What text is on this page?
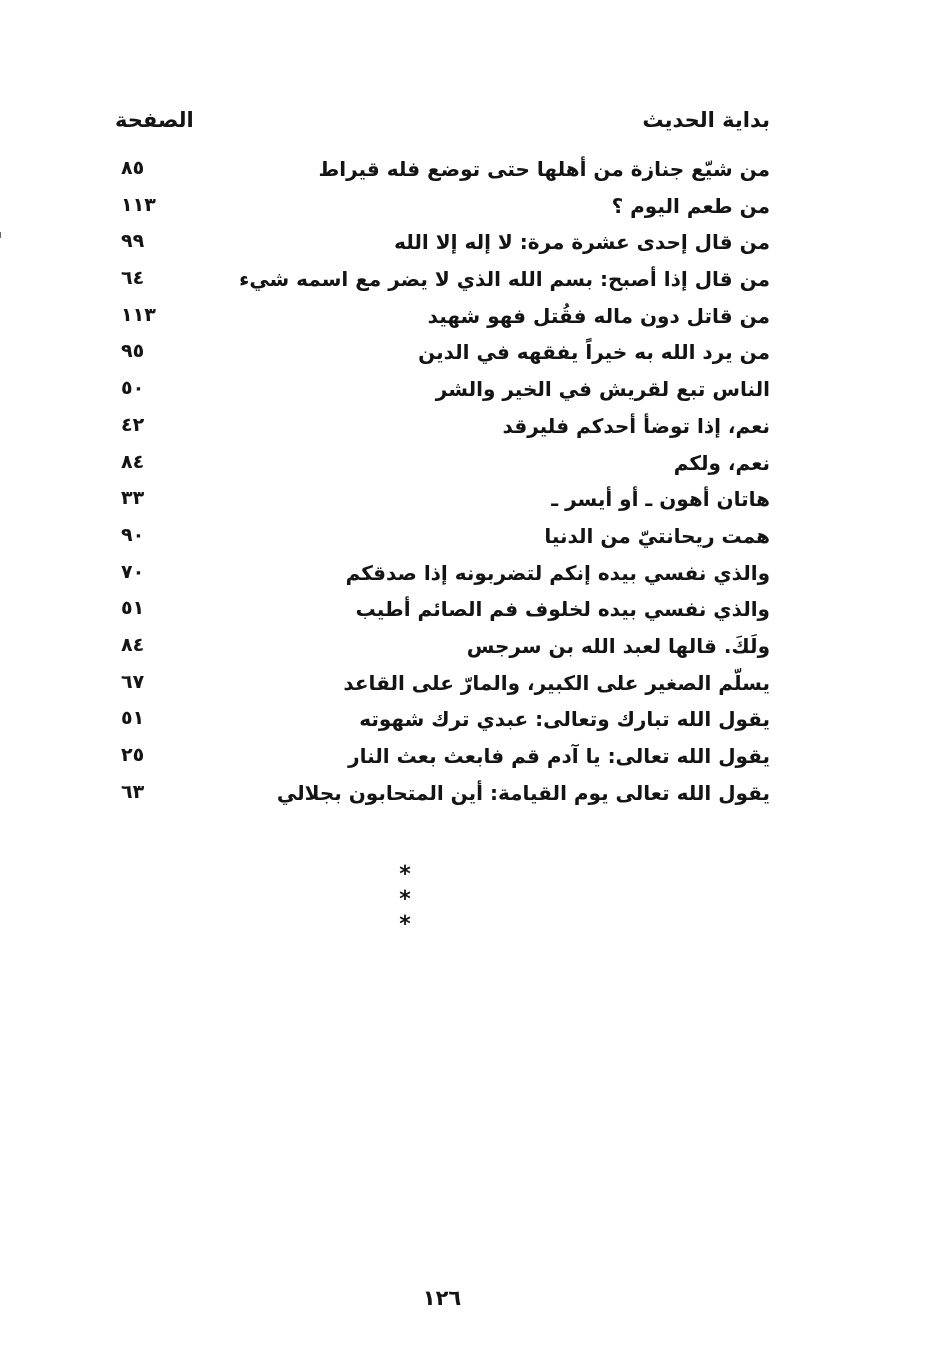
بداية الحديث
الصفحة
من شيّع جنازة من أهلها حتى توضع فله قيراط
٨٥
من طعم اليوم ؟
١١٣
من قال إحدى عشرة مرة: لا إله إلا الله
٩٩
من قال إذا أصبح: بسم الله الذي لا يضر مع اسمه شيء
٦٤
من قاتل دون ماله فقُتل فهو شهيد
١١٣
من يرد الله به خيراً يفقهه في الدين
٩٥
الناس تبع لقريش في الخير والشر
٥٠
نعم، إذا توضأ أحدكم فليرقد
٤٢
نعم، ولكم
٨٤
هاتان أهون ـ أو أيسر ـ
٣٣
همت ريحانتيّ من الدنيا
٩٠
والذي نفسي بيده إنكم لتضربونه إذا صدقكم
٧٠
والذي نفسي بيده لخلوف فم الصائم أطيب
٥١
ولَكَ. قالها لعبد الله بن سرجس
٨٤
يسلّم الصغير على الكبير، والمارّ على القاعد
٦٧
يقول الله تبارك وتعالى: عبدي ترك شهوته
٥١
يقول الله تعالى: يا آدم قم فابعث بعث النار
٢٥
يقول الله تعالى يوم القيامة: أين المتحابون بجلالي
٦٣
* * *
١٢٦
